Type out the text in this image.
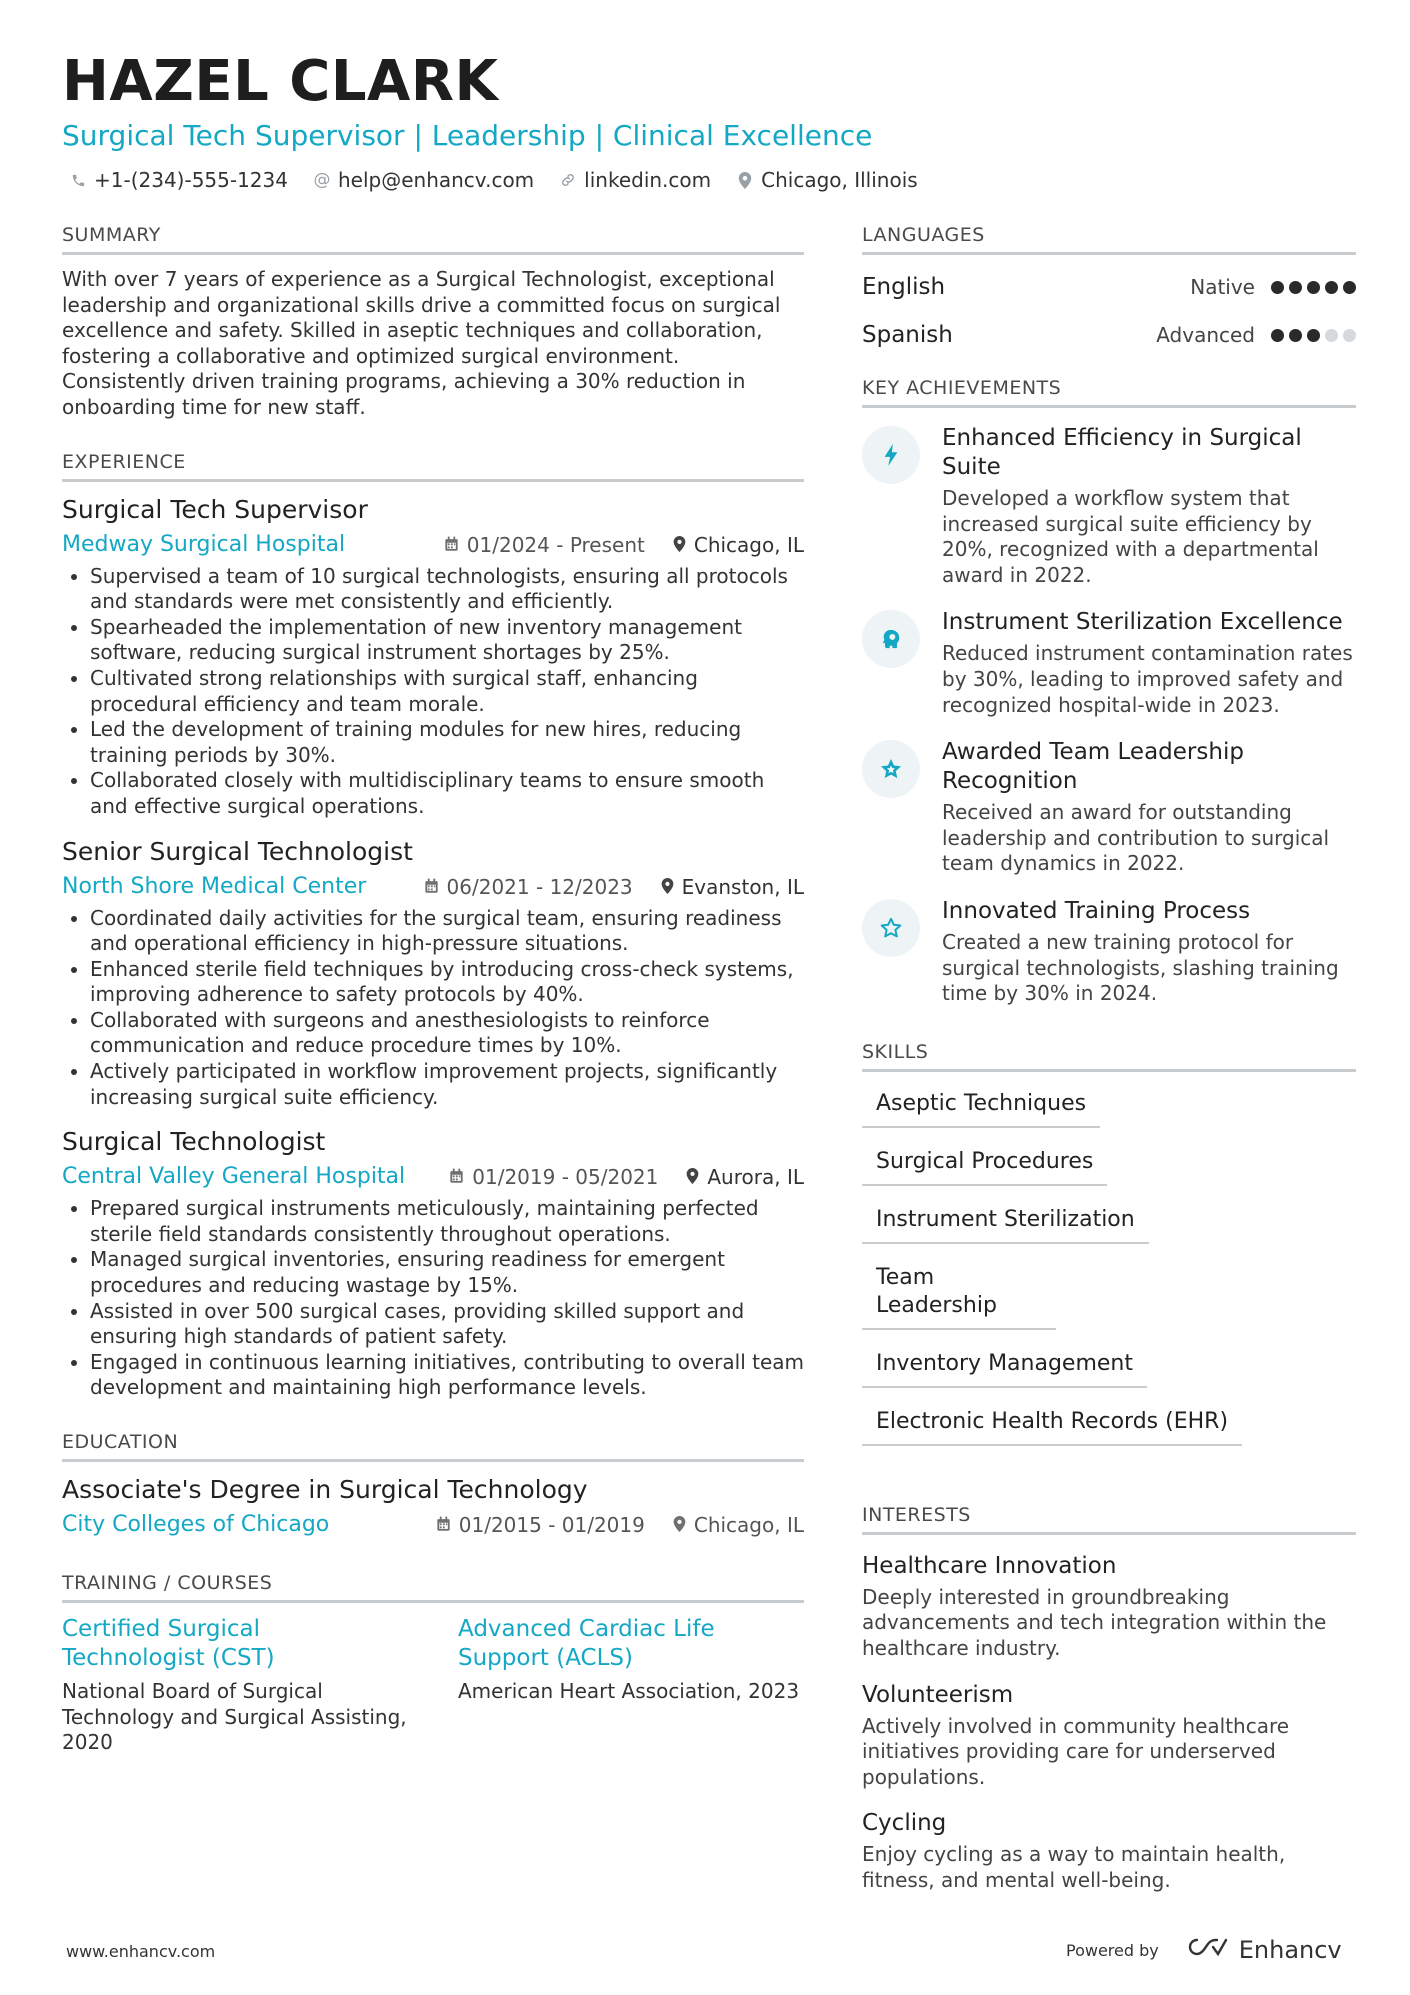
HAZEL CLARK
Surgical Tech Supervisor | Leadership | Clinical Excellence
+1-(234)-555-1234 @ help@enhancv.com	linkedin.com	Chicago, Illinois
SUMMARY

With over 7 years of experience as a Surgical Technologist, exceptional leadership and organizational skills drive a committed focus on surgical excellence and safety. Skilled in aseptic techniques and collaboration, fostering a collaborative and optimized surgical environment. Consistently driven training programs, achieving a 30% reduction in onboarding time for new staff.

EXPERIENCE
Surgical Tech Supervisor
Medway Surgical Hospital	01/2024 - Present Chicago, IL
• Supervised a team of 10 surgical technologists, ensuring all protocols and standards were met consistently and efficiently.
• Spearheaded the implementation of new inventory management software, reducing surgical instrument shortages by 25%.
• Cultivated strong relationships with surgical staff, enhancing procedural efficiency and team morale.
• Led the development of training modules for new hires, reducing training periods by 30%.
• Collaborated closely with multidisciplinary teams to ensure smooth and effective surgical operations.
Senior Surgical Technologist
North Shore Medical Center	06/2021 - 12/2023 Evanston, IL
• Coordinated daily activities for the surgical team, ensuring readiness and operational efficiency in high-pressure situations.
• Enhanced sterile field techniques by introducing cross-check systems, improving adherence to safety protocols by 40%.
• Collaborated with surgeons and anesthesiologists to reinforce communication and reduce procedure times by 10%.
• Actively participated in workflow improvement projects, significantly increasing surgical suite efficiency.
Surgical Technologist
Central Valley General Hospital	01/2019 - 05/2021 Aurora, IL
• Prepared surgical instruments meticulously, maintaining perfected sterile field standards consistently throughout operations.
• Managed surgical inventories, ensuring readiness for emergent procedures and reducing wastage by 15%.
• Assisted in over 500 surgical cases, providing skilled support and ensuring high standards of patient safety.
• Engaged in continuous learning initiatives, contributing to overall team development and maintaining high performance levels.
EDUCATION
Associate's Degree in Surgical Technology
City Colleges of Chicago	01/2015 - 01/2019 Chicago, IL
TRAINING / COURSES
Certified Surgical Technologist (CST)
National Board of Surgical Technology and Surgical Assisting, 2020
Advanced Cardiac Life Support (ACLS)
American Heart Association, 2023
LANGUAGES
English	Native
Spanish	Advanced
KEY ACHIEVEMENTS
Enhanced Efficiency in Surgical Suite
Developed a workflow system that increased surgical suite efficiency by 20%, recognized with a departmental award in 2022.
Instrument Sterilization Excellence
Reduced instrument contamination rates by 30%, leading to improved safety and recognized hospital-wide in 2023.
Awarded Team Leadership Recognition
Received an award for outstanding leadership and contribution to surgical team dynamics in 2022.
Innovated Training Process
Created a new training protocol for surgical technologists, slashing training time by 30% in 2024.
SKILLS
Aseptic Techniques
Surgical Procedures
Instrument Sterilization
Team Leadership
Inventory Management
Electronic Health Records (EHR)
INTERESTS
Healthcare Innovation
Deeply interested in groundbreaking advancements and tech integration within the healthcare industry.
Volunteerism
Actively involved in community healthcare initiatives providing care for underserved populations.
Cycling
Enjoy cycling as a way to maintain health, fitness, and mental well-being.
www.enhancv.com	Powered by	Enhancv
